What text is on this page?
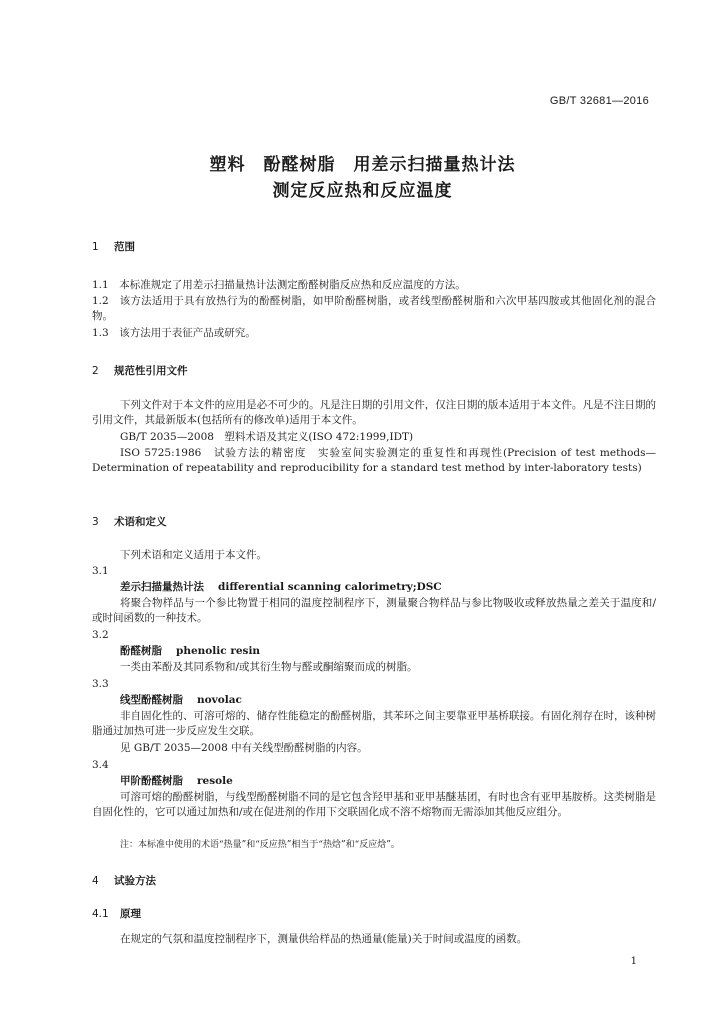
GB/T 32681—2016
塑料　酚醛树脂　用差示扫描量热计法
测定反应热和反应温度
1 范围
1.1　本标准规定了用差示扫描量热计法测定酚醛树脂反应热和反应温度的方法。
1.2　该方法适用于具有放热行为的酚醛树脂，如甲阶酚醛树脂，或者线型酚醛树脂和六次甲基四胺或其他固化剂的混合物。
1.3　该方法用于表征产品或研究。
2 规范性引用文件
下列文件对于本文件的应用是必不可少的。凡是注日期的引用文件，仅注日期的版本适用于本文件。凡是不注日期的引用文件，其最新版本(包括所有的修改单)适用于本文件。
GB/T 2035—2008　塑料术语及其定义(ISO 472:1999,IDT)
ISO 5725:1986　试验方法的精密度　实验室间实验测定的重复性和再现性(Precision of test methods—Determination of repeatability and reproducibility for a standard test method by inter-laboratory tests)
3 术语和定义
下列术语和定义适用于本文件。
3.1
差示扫描量热计法 differential scanning calorimetry;DSC
将聚合物样品与一个参比物置于相同的温度控制程序下，测量聚合物样品与参比物吸收或释放热量之差关于温度和/或时间函数的一种技术。
3.2
酚醛树脂 phenolic resin
一类由苯酚及其同系物和/或其衍生物与醛或酮缩聚而成的树脂。
3.3
线型酚醛树脂 novolac
非自固化性的、可溶可熔的、储存性能稳定的酚醛树脂，其苯环之间主要靠亚甲基桥联接。有固化剂存在时，该种树脂通过加热可进一步反应发生交联。
见 GB/T 2035—2008 中有关线型酚醛树脂的内容。
3.4
甲阶酚醛树脂 resole
可溶可熔的酚醛树脂，与线型酚醛树脂不同的是它包含羟甲基和亚甲基醚基团，有时也含有亚甲基胺桥。这类树脂是自固化性的，它可以通过加热和/或在促进剂的作用下交联固化成不溶不熔物而无需添加其他反应组分。
注：本标准中使用的术语“热量”和“反应热”相当于“热焓”和“反应焓”。
4 试验方法
4.1 原理
在规定的气氛和温度控制程序下，测量供给样品的热通量(能量)关于时间或温度的函数。
1
